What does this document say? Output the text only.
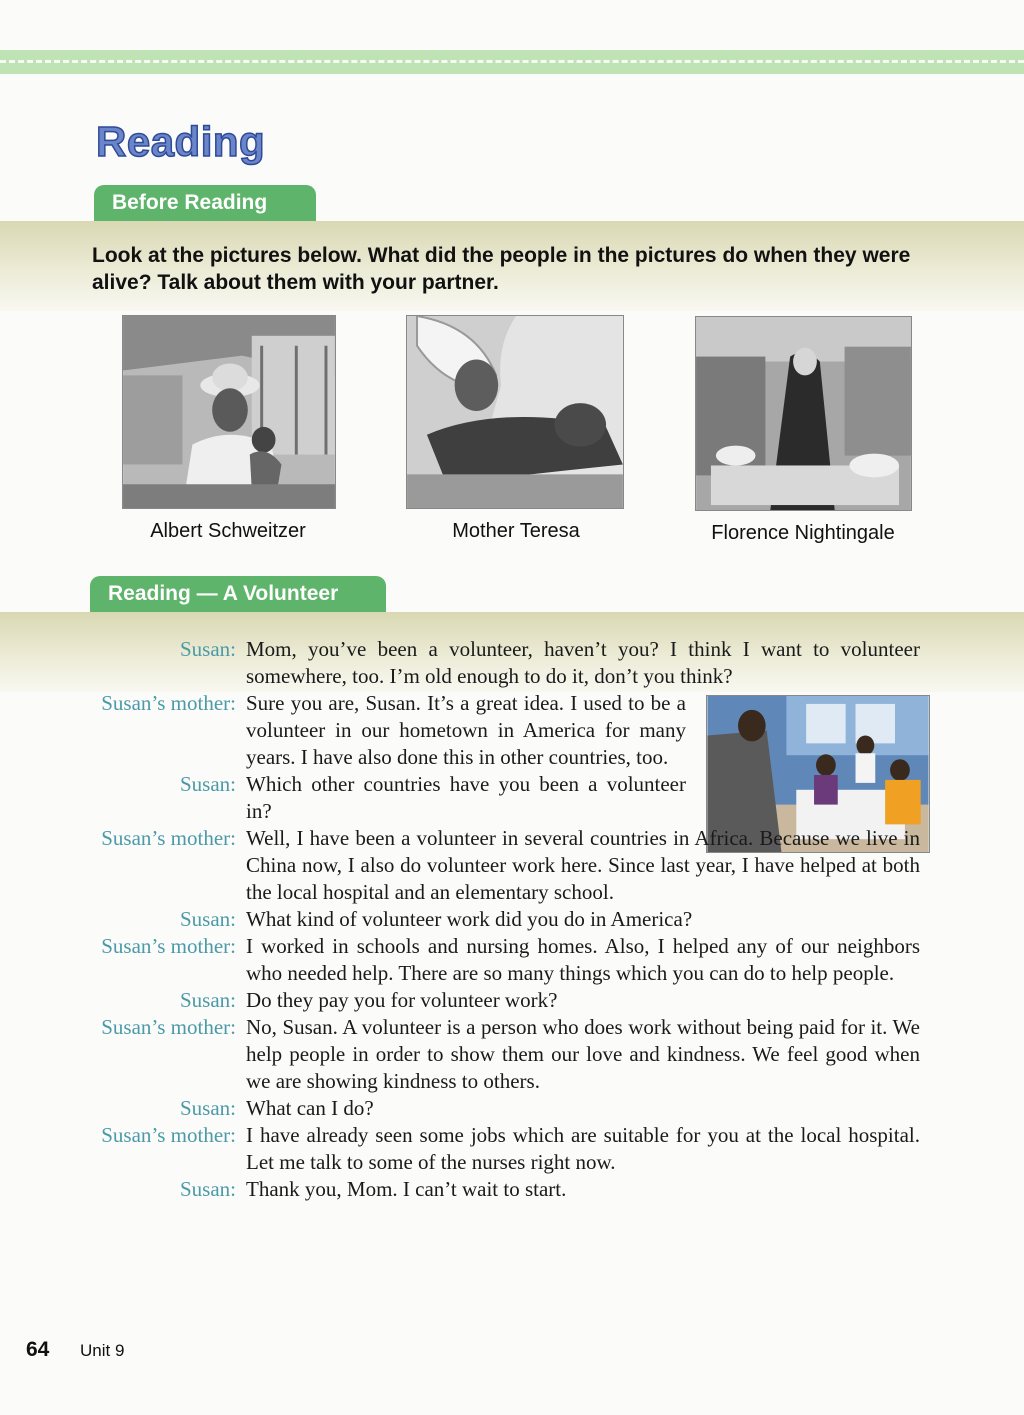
Reading
Before Reading
Look at the pictures below. What did the people in the pictures do when they were alive? Talk about them with your partner.
Albert Schweitzer	Mother Teresa	Florence Nightingale
Reading — A Volunteer
Susan: Mom, you’ve been a volunteer, haven’t you? I think I want to volunteer somewhere, too. I’m old enough to do it, don’t you think?
Susan’s mother: Sure you are, Susan. It’s a great idea. I used to be a volunteer in our hometown in America for many years. I have also done this in other countries, too.
Susan: Which other countries have you been a volunteer in?
Susan’s mother: Well, I have been a volunteer in several countries in Africa. Because we live in China now, I also do volunteer work here. Since last year, I have helped at both the local hospital and an elementary school.
Susan: What kind of volunteer work did you do in America?
Susan’s mother: I worked in schools and nursing homes. Also, I helped any of our neighbors who needed help. There are so many things which you can do to help people.
Susan: Do they pay you for volunteer work?
Susan’s mother: No, Susan. A volunteer is a person who does work without being paid for it. We help people in order to show them our love and kindness. We feel good when we are showing kindness to others.
Susan: What can I do?
Susan’s mother: I have already seen some jobs which are suitable for you at the local hospital. Let me talk to some of the nurses right now.
Susan: Thank you, Mom. I can’t wait to start.
64 Unit 9
